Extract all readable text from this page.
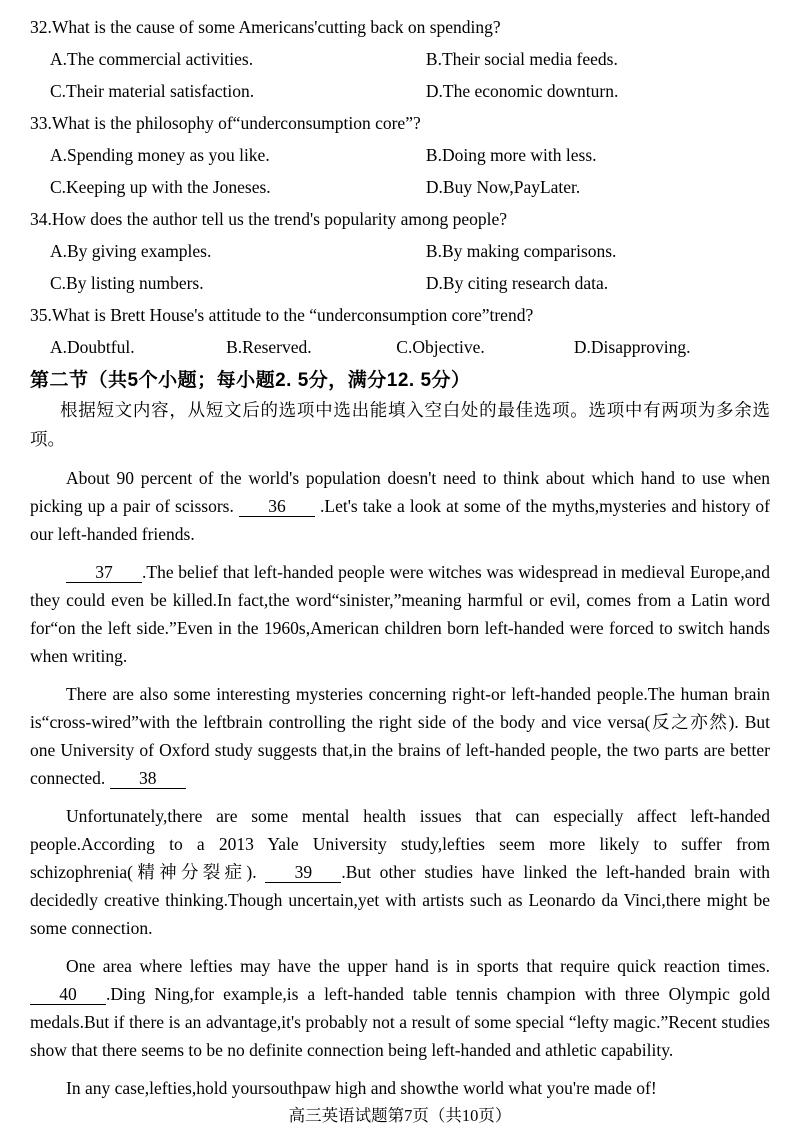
32.What is the cause of some Americans'cutting back on spending?
A.The commercial activities.	B.Their social media feeds.
C.Their material satisfaction.	D.The economic downturn.
33.What is the philosophy of“underconsumption core”?
A.Spending money as you like.	B.Doing more with less.
C.Keeping up with the Joneses.	D.Buy Now,PayLater.
34.How does the author tell us the trend's popularity among people?
A.By giving examples.	B.By making comparisons.
C.By listing numbers.	D.By citing research data.
35.What is Brett House's attitude to the “underconsumption core”trend?
A.Doubtful.	B.Reserved.	C.Objective.	D.Disapproving.
第二节（共5个小题；每小题2. 5分，满分12. 5分）

根据短文内容，从短文后的选项中选出能填入空白处的最佳选项。选项中有两项为多余选项。

About 90 percent of the world's population doesn't need to think about which hand to use when picking up a pair of scissors. 36 .Let's take a look at some of the myths,mysteries and history of our left-handed friends.

37 .The belief that left-handed people were witches was widespread in medieval Europe,and they could even be killed.In fact,the word“sinister,”meaning harmful or evil, comes from a Latin word for“on the left side.”Even in the 1960s,American children born left-handed were forced to switch hands when writing.

There are also some interesting mysteries concerning right-or left-handed people.The human brain is“cross-wired”with the leftbrain controlling the right side of the body and vice versa(反之亦然). But one University of Oxford study suggests that,in the brains of left-handed people, the two parts are better connected. 38

Unfortunately,there are some mental health issues that can especially affect left-handed people.According to a 2013 Yale University study,lefties seem more likely to suffer from schizophrenia(精神分裂症). 39 .But other studies have linked the left-handed brain with decidedly creative thinking.Though uncertain,yet with artists such as Leonardo da Vinci,there might be some connection.

One area where lefties may have the upper hand is in sports that require quick reaction times. 40 .Ding Ning,for example,is a left-handed table tennis champion with three Olympic gold medals.But if there is an advantage,it's probably not a result of some special “lefty magic.”Recent studies show that there seems to be no definite connection being left-handed and athletic capability.

In any case,lefties,hold yoursouthpaw high and showthe world what you're made of!

高三英语试题第7页（共10页）
